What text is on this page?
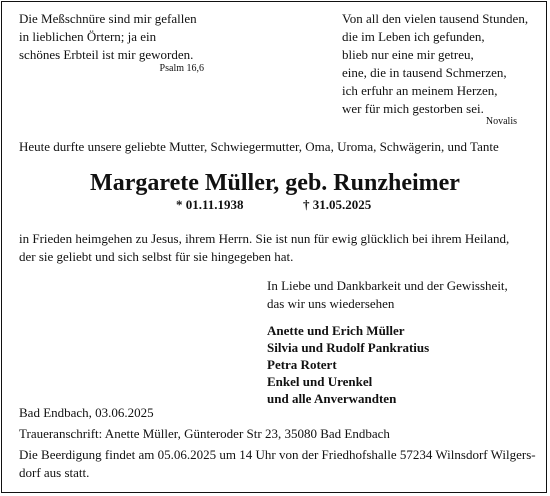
Die Meßschnüre sind mir gefallen
in lieblichen Örtern; ja ein
schönes Erbteil ist mir geworden.
Psalm 16,6
Von all den vielen tausend Stunden,
die im Leben ich gefunden,
blieb nur eine mir getreu,
eine, die in tausend Schmerzen,
ich erfuhr an meinem Herzen,
wer für mich gestorben sei.
Novalis
Heute durfte unsere geliebte Mutter, Schwiegermutter, Oma, Uroma, Schwägerin, und Tante
Margarete Müller, geb. Runzheimer
* 01.11.1938	† 31.05.2025
in Frieden heimgehen zu Jesus, ihrem Herrn. Sie ist nun für ewig glücklich bei ihrem Heiland,
der sie geliebt und sich selbst für sie hingegeben hat.
In Liebe und Dankbarkeit und der Gewissheit,
das wir uns wiedersehen
Anette und Erich Müller
Silvia und Rudolf Pankratius
Petra Rotert
Enkel und Urenkel
und alle Anverwandten
Bad Endbach, 03.06.2025
Traueranschrift: Anette Müller, Günteroder Str 23, 35080 Bad Endbach
Die Beerdigung findet am 05.06.2025 um 14 Uhr von der Friedhofshalle 57234 Wilnsdorf Wilgers-
dorf aus statt.
